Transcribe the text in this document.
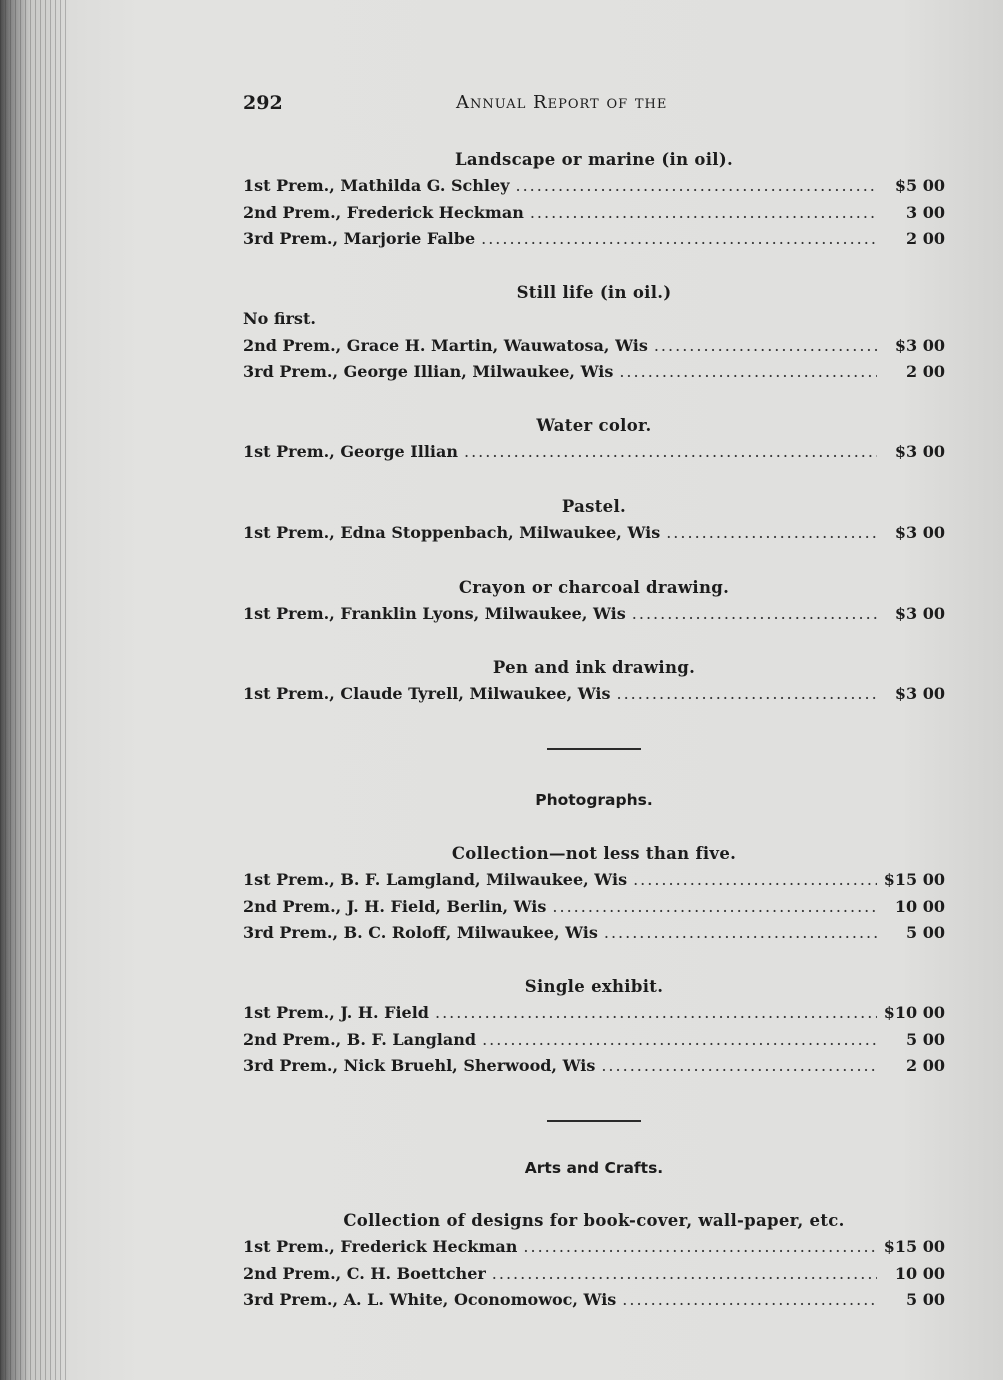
292	Annual Report of the
Landscape or marine (in oil).
1st Prem., Mathilda G. Schley .....	$5 00
2nd Prem., Frederick Heckman .....	3 00
3rd Prem., Marjorie Falbe .....	2 00
Still life (in oil.)
No first.
2nd Prem., Grace H. Martin, Wauwatosa, Wis .....	$3 00
3rd Prem., George Illian, Milwaukee, Wis .....	2 00
Water color.
1st Prem., George Illian .....	$3 00
Pastel.
1st Prem., Edna Stoppenbach, Milwaukee, Wis .....	$3 00
Crayon or charcoal drawing.
1st Prem., Franklin Lyons, Milwaukee, Wis .....	$3 00
Pen and ink drawing.
1st Prem., Claude Tyrell, Milwaukee, Wis .....	$3 00
Photographs.
Collection—not less than five.
1st Prem., B. F. Lamgland, Milwaukee, Wis .....	$15 00
2nd Prem., J. H. Field, Berlin, Wis .....	10 00
3rd Prem., B. C. Roloff, Milwaukee, Wis .....	5 00
Single exhibit.
1st Prem., J. H. Field .....	$10 00
2nd Prem., B. F. Langland .....	5 00
3rd Prem., Nick Bruehl, Sherwood, Wis .....	2 00
Arts and Crafts.
Collection of designs for book-cover, wall-paper, etc.
1st Prem., Frederick Heckman .....	$15 00
2nd Prem., C. H. Boettcher .....	10 00
3rd Prem., A. L. White, Oconomowoc, Wis .....	5 00
